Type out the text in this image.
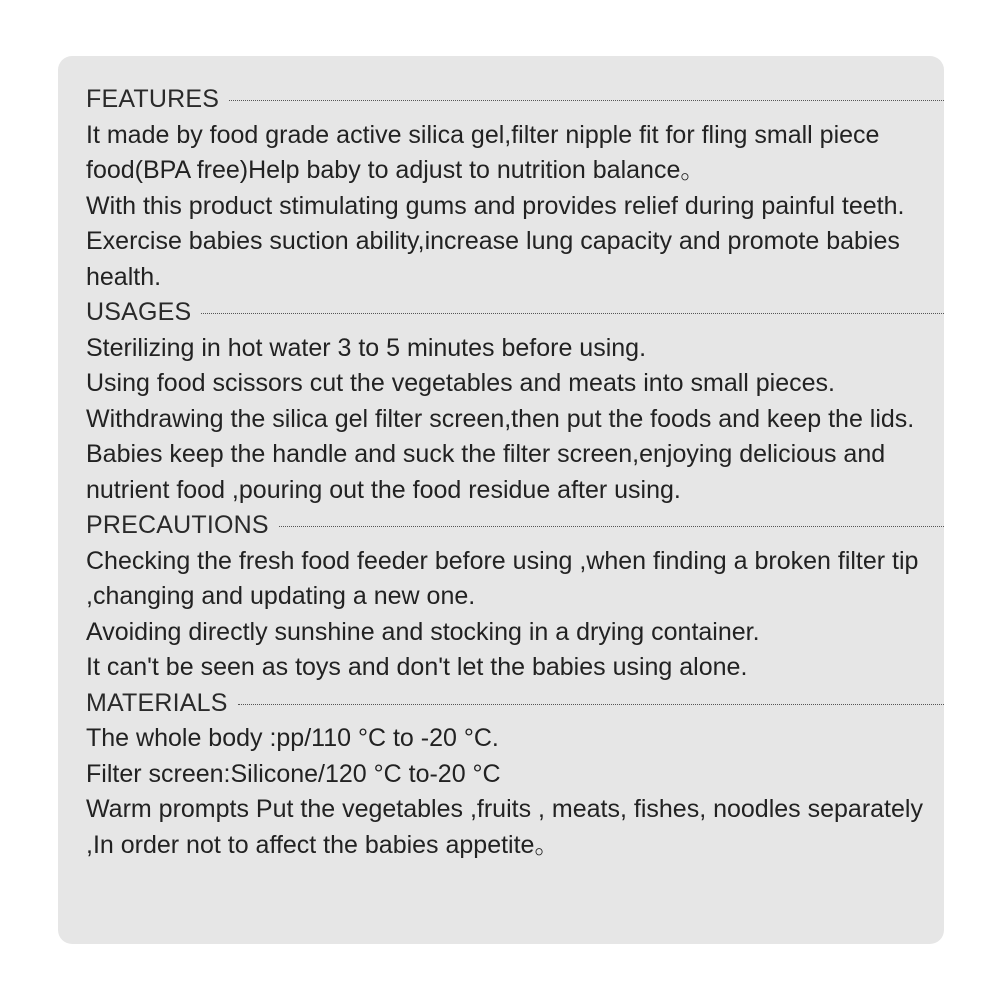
FEATURES

It made by food grade active silica gel,filter nipple fit for fling small piece food(BPA free)Help baby to adjust to nutrition balance。

With this product stimulating gums and provides relief during painful teeth.

Exercise babies suction ability,increase lung capacity and promote babies health.

USAGES

Sterilizing in hot water 3 to 5 minutes before using.

Using food scissors cut the vegetables and meats into small pieces.

Withdrawing the silica gel filter screen,then put the foods and keep the lids.

Babies keep the handle and suck the filter screen,enjoying delicious and nutrient food ,pouring out the food residue after using.

PRECAUTIONS

Checking the fresh food feeder before using ,when finding a broken filter tip ,changing and updating a new one.

Avoiding directly sunshine and stocking in a drying container.

It can't be seen as toys and don't let the babies using alone.

MATERIALS

The whole body :pp/110 °C to -20 °C.

Filter screen:Silicone/120 °C to-20 °C

Warm prompts Put the vegetables ,fruits , meats, fishes, noodles separately ,In order not to affect the babies appetite。
